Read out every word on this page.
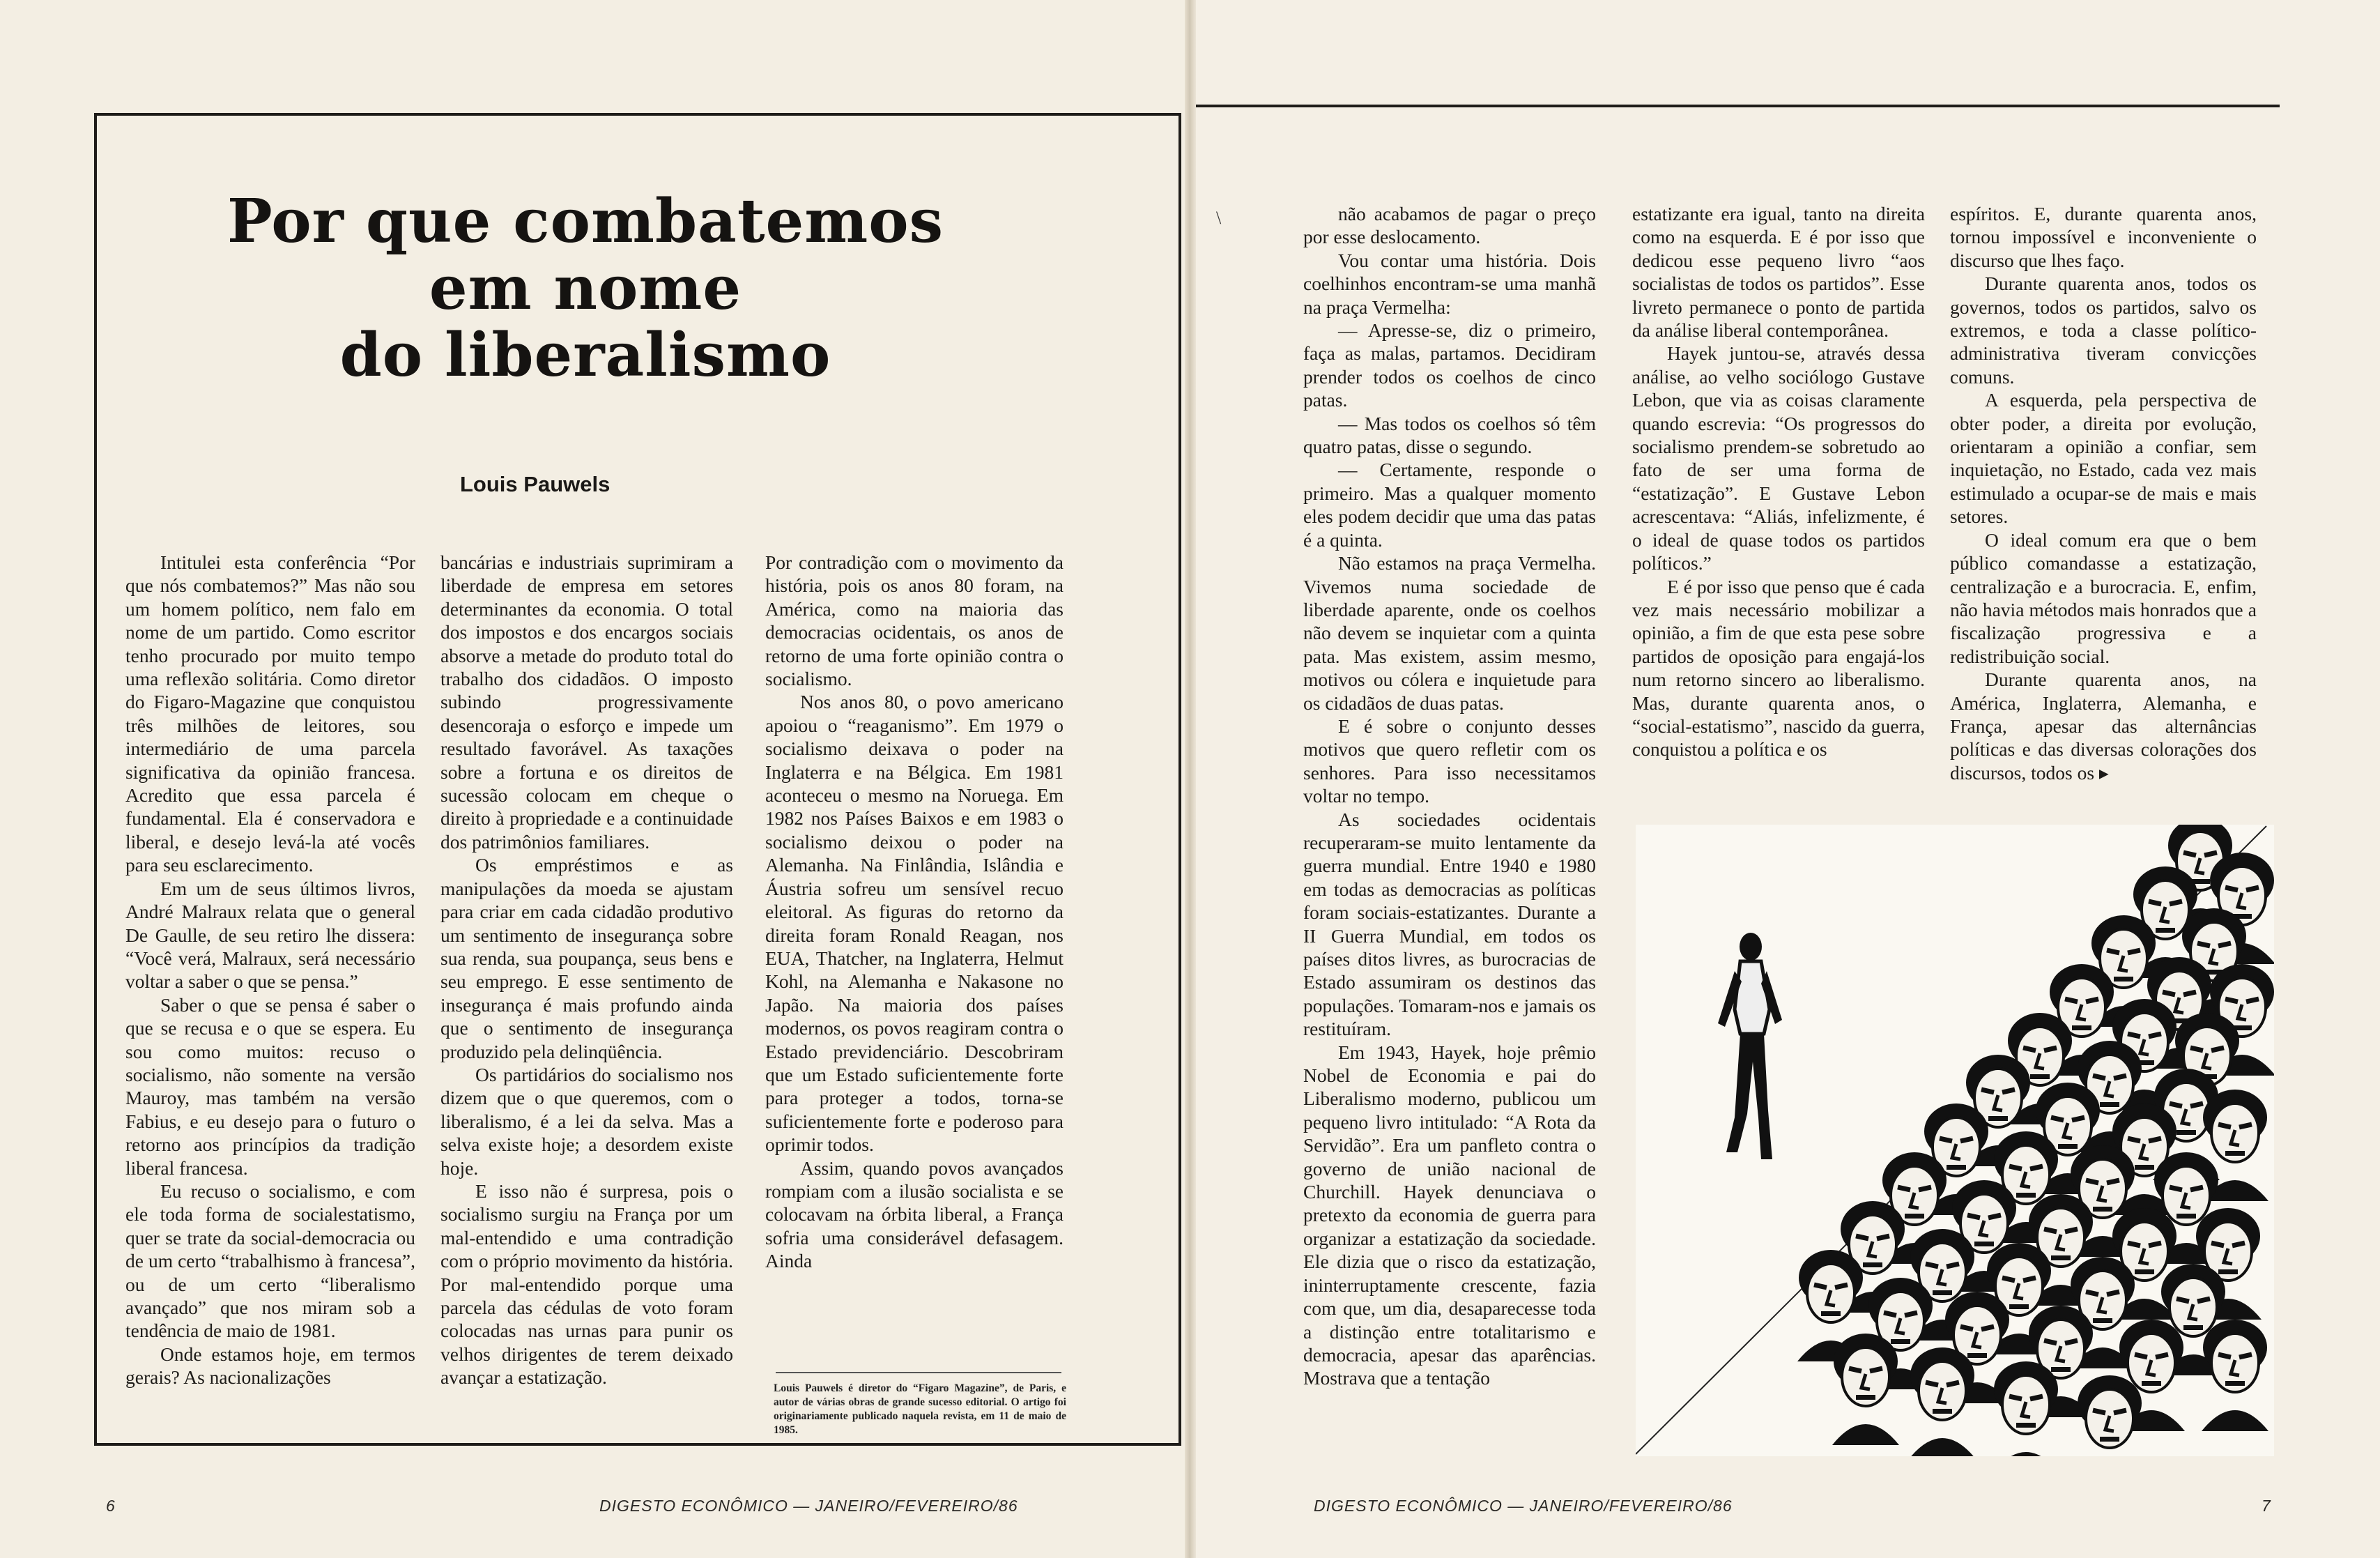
Por que combatemos
em nome
do liberalismo
Louis Pauwels

Intitulei esta conferência “Por que nós combatemos?” Mas não sou um homem político, nem falo em nome de um partido. Como escritor tenho procurado por muito tempo uma reflexão solitária. Como diretor do Figaro-Magazine que conquistou três milhões de leitores, sou intermediário de uma parcela significativa da opinião francesa. Acredito que essa parcela é fundamental. Ela é conservadora e liberal, e desejo levá-la até vocês para seu esclarecimento.

Em um de seus últimos livros, André Malraux relata que o general De Gaulle, de seu retiro lhe dissera: “Você verá, Malraux, será necessário voltar a saber o que se pensa.”

Saber o que se pensa é saber o que se recusa e o que se espera. Eu sou como muitos: recuso o socialismo, não somente na versão Mauroy, mas também na versão Fabius, e eu desejo para o futuro o retorno aos princípios da tradição liberal francesa.

Eu recuso o socialismo, e com ele toda forma de socialestatismo, quer se trate da social-democracia ou de um certo “trabalhismo à francesa”, ou de um certo “liberalismo avançado” que nos miram sob a tendência de maio de 1981.

Onde estamos hoje, em termos gerais? As nacionalizações

bancárias e industriais suprimiram a liberdade de empresa em setores determinantes da economia. O total dos impostos e dos encargos sociais absorve a metade do produto total do trabalho dos cidadãos. O imposto subindo progressivamente desencoraja o esforço e impede um resultado favorável. As taxações sobre a fortuna e os direitos de sucessão colocam em cheque o direito à propriedade e a continuidade dos patrimônios familiares.

Os empréstimos e as manipulações da moeda se ajustam para criar em cada cidadão produtivo um sentimento de insegurança sobre sua renda, sua poupança, seus bens e seu emprego. E esse sentimento de insegurança é mais profundo ainda que o sentimento de insegurança produzido pela delinqüência.

Os partidários do socialismo nos dizem que o que queremos, com o liberalismo, é a lei da selva. Mas a selva existe hoje; a desordem existe hoje.

E isso não é surpresa, pois o socialismo surgiu na França por um mal-entendido e uma contradição com o próprio movimento da história. Por mal-entendido porque uma parcela das cédulas de voto foram colocadas nas urnas para punir os velhos dirigentes de terem deixado avançar a estatização.

Por contradição com o movimento da história, pois os anos 80 foram, na América, como na maioria das democracias ocidentais, os anos de retorno de uma forte opinião contra o socialismo.

Nos anos 80, o povo americano apoiou o “reaganismo”. Em 1979 o socialismo deixava o poder na Inglaterra e na Bélgica. Em 1981 aconteceu o mesmo na Noruega. Em 1982 nos Países Baixos e em 1983 o socialismo deixou o poder na Alemanha. Na Finlândia, Islândia e Áustria sofreu um sensível recuo eleitoral. As figuras do retorno da direita foram Ronald Reagan, nos EUA, Thatcher, na Inglaterra, Helmut Kohl, na Alemanha e Nakasone no Japão. Na maioria dos países modernos, os povos reagiram contra o Estado previdenciário. Descobriram que um Estado suficientemente forte para proteger a todos, torna-se suficientemente forte e poderoso para oprimir todos.

Assim, quando povos avançados rompiam com a ilusão socialista e se colocavam na órbita liberal, a França sofria uma considerável defasagem. Ainda

Louis Pauwels é diretor do “Figaro Magazine”, de Paris, e autor de várias obras de grande sucesso editorial. O artigo foi originariamente publicado naquela revista, em 11 de maio de 1985.
\	não acabamos de pagar o preço por esse deslocamento.

Vou contar uma história. Dois coelhinhos encontram-se uma manhã na praça Vermelha:

— Apresse-se, diz o primeiro, faça as malas, partamos. Decidiram prender todos os coelhos de cinco patas.

— Mas todos os coelhos só têm quatro patas, disse o segundo.

— Certamente, responde o primeiro. Mas a qualquer momento eles podem decidir que uma das patas é a quinta.

Não estamos na praça Vermelha. Vivemos numa sociedade de liberdade aparente, onde os coelhos não devem se inquietar com a quinta pata. Mas existem, assim mesmo, motivos ou cólera e inquietude para os cidadãos de duas patas.

E é sobre o conjunto desses motivos que quero refletir com os senhores. Para isso necessitamos voltar no tempo.

As sociedades ocidentais recuperaram-se muito lentamente da guerra mundial. Entre 1940 e 1980 em todas as democracias as políticas foram sociais-estatizantes. Durante a II Guerra Mundial, em todos os países ditos livres, as burocracias de Estado assumiram os destinos das populações. Tomaram-nos e jamais os restituíram.

Em 1943, Hayek, hoje prêmio Nobel de Economia e pai do Liberalismo moderno, publicou um pequeno livro intitulado: “A Rota da Servidão”. Era um panfleto contra o governo de união nacional de Churchill. Hayek denunciava o pretexto da economia de guerra para organizar a estatização da sociedade. Ele dizia que o risco da estatização, ininterruptamente crescente, fazia com que, um dia, desaparecesse toda a distinção entre totalitarismo e democracia, apesar das aparências. Mostrava que a tentação

estatizante era igual, tanto na direita como na esquerda. E é por isso que dedicou esse pequeno livro “aos socialistas de todos os partidos”. Esse livreto permanece o ponto de partida da análise liberal contemporânea.

Hayek juntou-se, através dessa análise, ao velho sociólogo Gustave Lebon, que via as coisas claramente quando escrevia: “Os progressos do socialismo prendem-se sobretudo ao fato de ser uma forma de “estatização”. E Gustave Lebon acrescentava: “Aliás, infelizmente, é o ideal de quase todos os partidos políticos.”

E é por isso que penso que é cada vez mais necessário mobilizar a opinião, a fim de que esta pese sobre partidos de oposição para engajá-los num retorno sincero ao liberalismo. Mas, durante quarenta anos, o “social-estatismo”, nascido da guerra, conquistou a política e os

espíritos. E, durante quarenta anos, tornou impossível e inconveniente o discurso que lhes faço.

Durante quarenta anos, todos os governos, todos os partidos, salvo os extremos, e toda a classe político-administrativa tiveram convicções comuns.

A esquerda, pela perspectiva de obter poder, a direita por evolução, orientaram a opinião a confiar, sem inquietação, no Estado, cada vez mais estimulado a ocupar-se de mais e mais setores.

O ideal comum era que o bem público comandasse a estatização, centralização e a burocracia. E, enfim, não havia métodos mais honrados que a fiscalização progressiva e a redistribuição social.

Durante quarenta anos, na América, Inglaterra, Alemanha, e França, apesar das alternâncias políticas e das diversas colorações dos discursos, todos os ▸

6	DIGESTO ECONÔMICO — JANEIRO/FEVEREIRO/86	DIGESTO ECONÔMICO — JANEIRO/FEVEREIRO/86	7
